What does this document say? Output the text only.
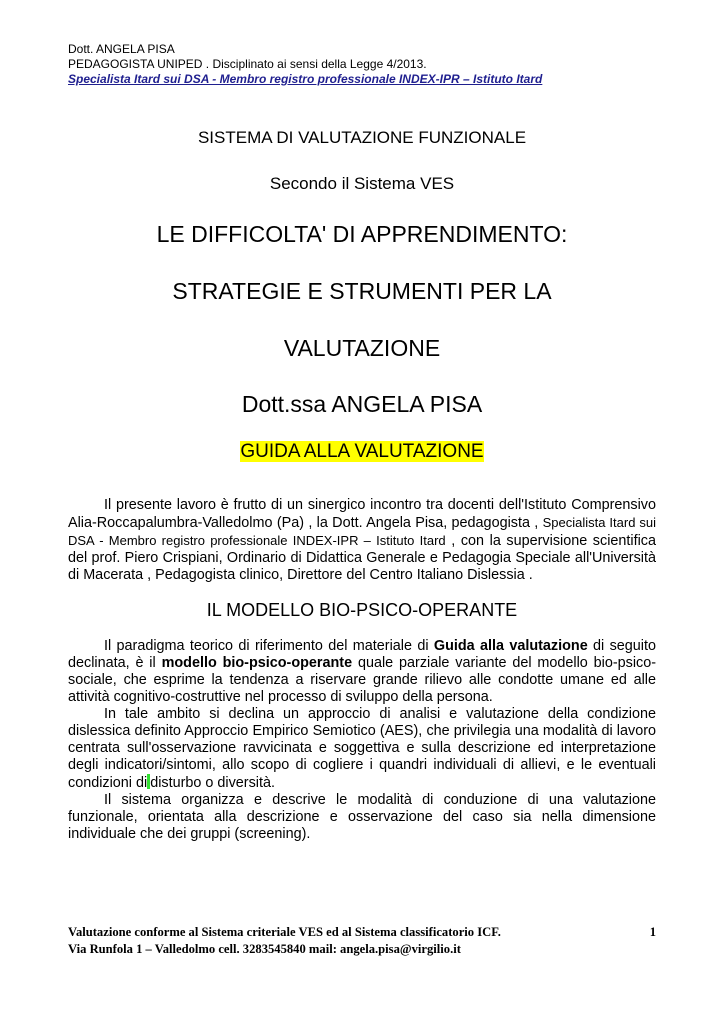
Dott. ANGELA PISA
PEDAGOGISTA UNIPED . Disciplinato ai sensi della Legge 4/2013.
Specialista Itard sui DSA - Membro registro professionale INDEX-IPR – Istituto Itard
SISTEMA DI VALUTAZIONE FUNZIONALE
Secondo il Sistema VES
LE DIFFICOLTA' DI APPRENDIMENTO:
STRATEGIE E STRUMENTI PER LA
VALUTAZIONE
Dott.ssa ANGELA PISA
GUIDA ALLA VALUTAZIONE
Il presente lavoro è frutto di un sinergico incontro tra docenti dell'Istituto Comprensivo Alia-Roccapalumbra-Valledolmo (Pa) , la Dott. Angela Pisa, pedagogista , Specialista Itard sui DSA - Membro registro professionale INDEX-IPR – Istituto Itard , con la supervisione scientifica del prof. Piero Crispiani, Ordinario di Didattica Generale e Pedagogia Speciale all'Università di Macerata , Pedagogista clinico, Direttore del Centro Italiano Dislessia .
IL MODELLO BIO-PSICO-OPERANTE

Il paradigma teorico di riferimento del materiale di Guida alla valutazione di seguito declinata, è il modello bio-psico-operante quale parziale variante del modello bio-psico-sociale, che esprime la tendenza a riservare grande rilievo alle condotte umane ed alle attività cognitivo-costruttive nel processo di sviluppo della persona.

In tale ambito si declina un approccio di analisi e valutazione della condizione dislessica definito Approccio Empirico Semiotico (AES), che privilegia una modalità di lavoro centrata sull'osservazione ravvicinata e soggettiva e sulla descrizione ed interpretazione degli indicatori/sintomi, allo scopo di cogliere i quandri individuali di allievi, e le eventuali condizioni di disturbo o diversità.

Il sistema organizza e descrive le modalità di conduzione di una valutazione funzionale, orientata alla descrizione e osservazione del caso sia nella dimensione individuale che dei gruppi (screening).

Valutazione conforme al Sistema criteriale VES ed al Sistema classificatorio ICF.	1
Via Runfola 1 – Valledolmo cell. 3283545840 mail: angela.pisa@virgilio.it
